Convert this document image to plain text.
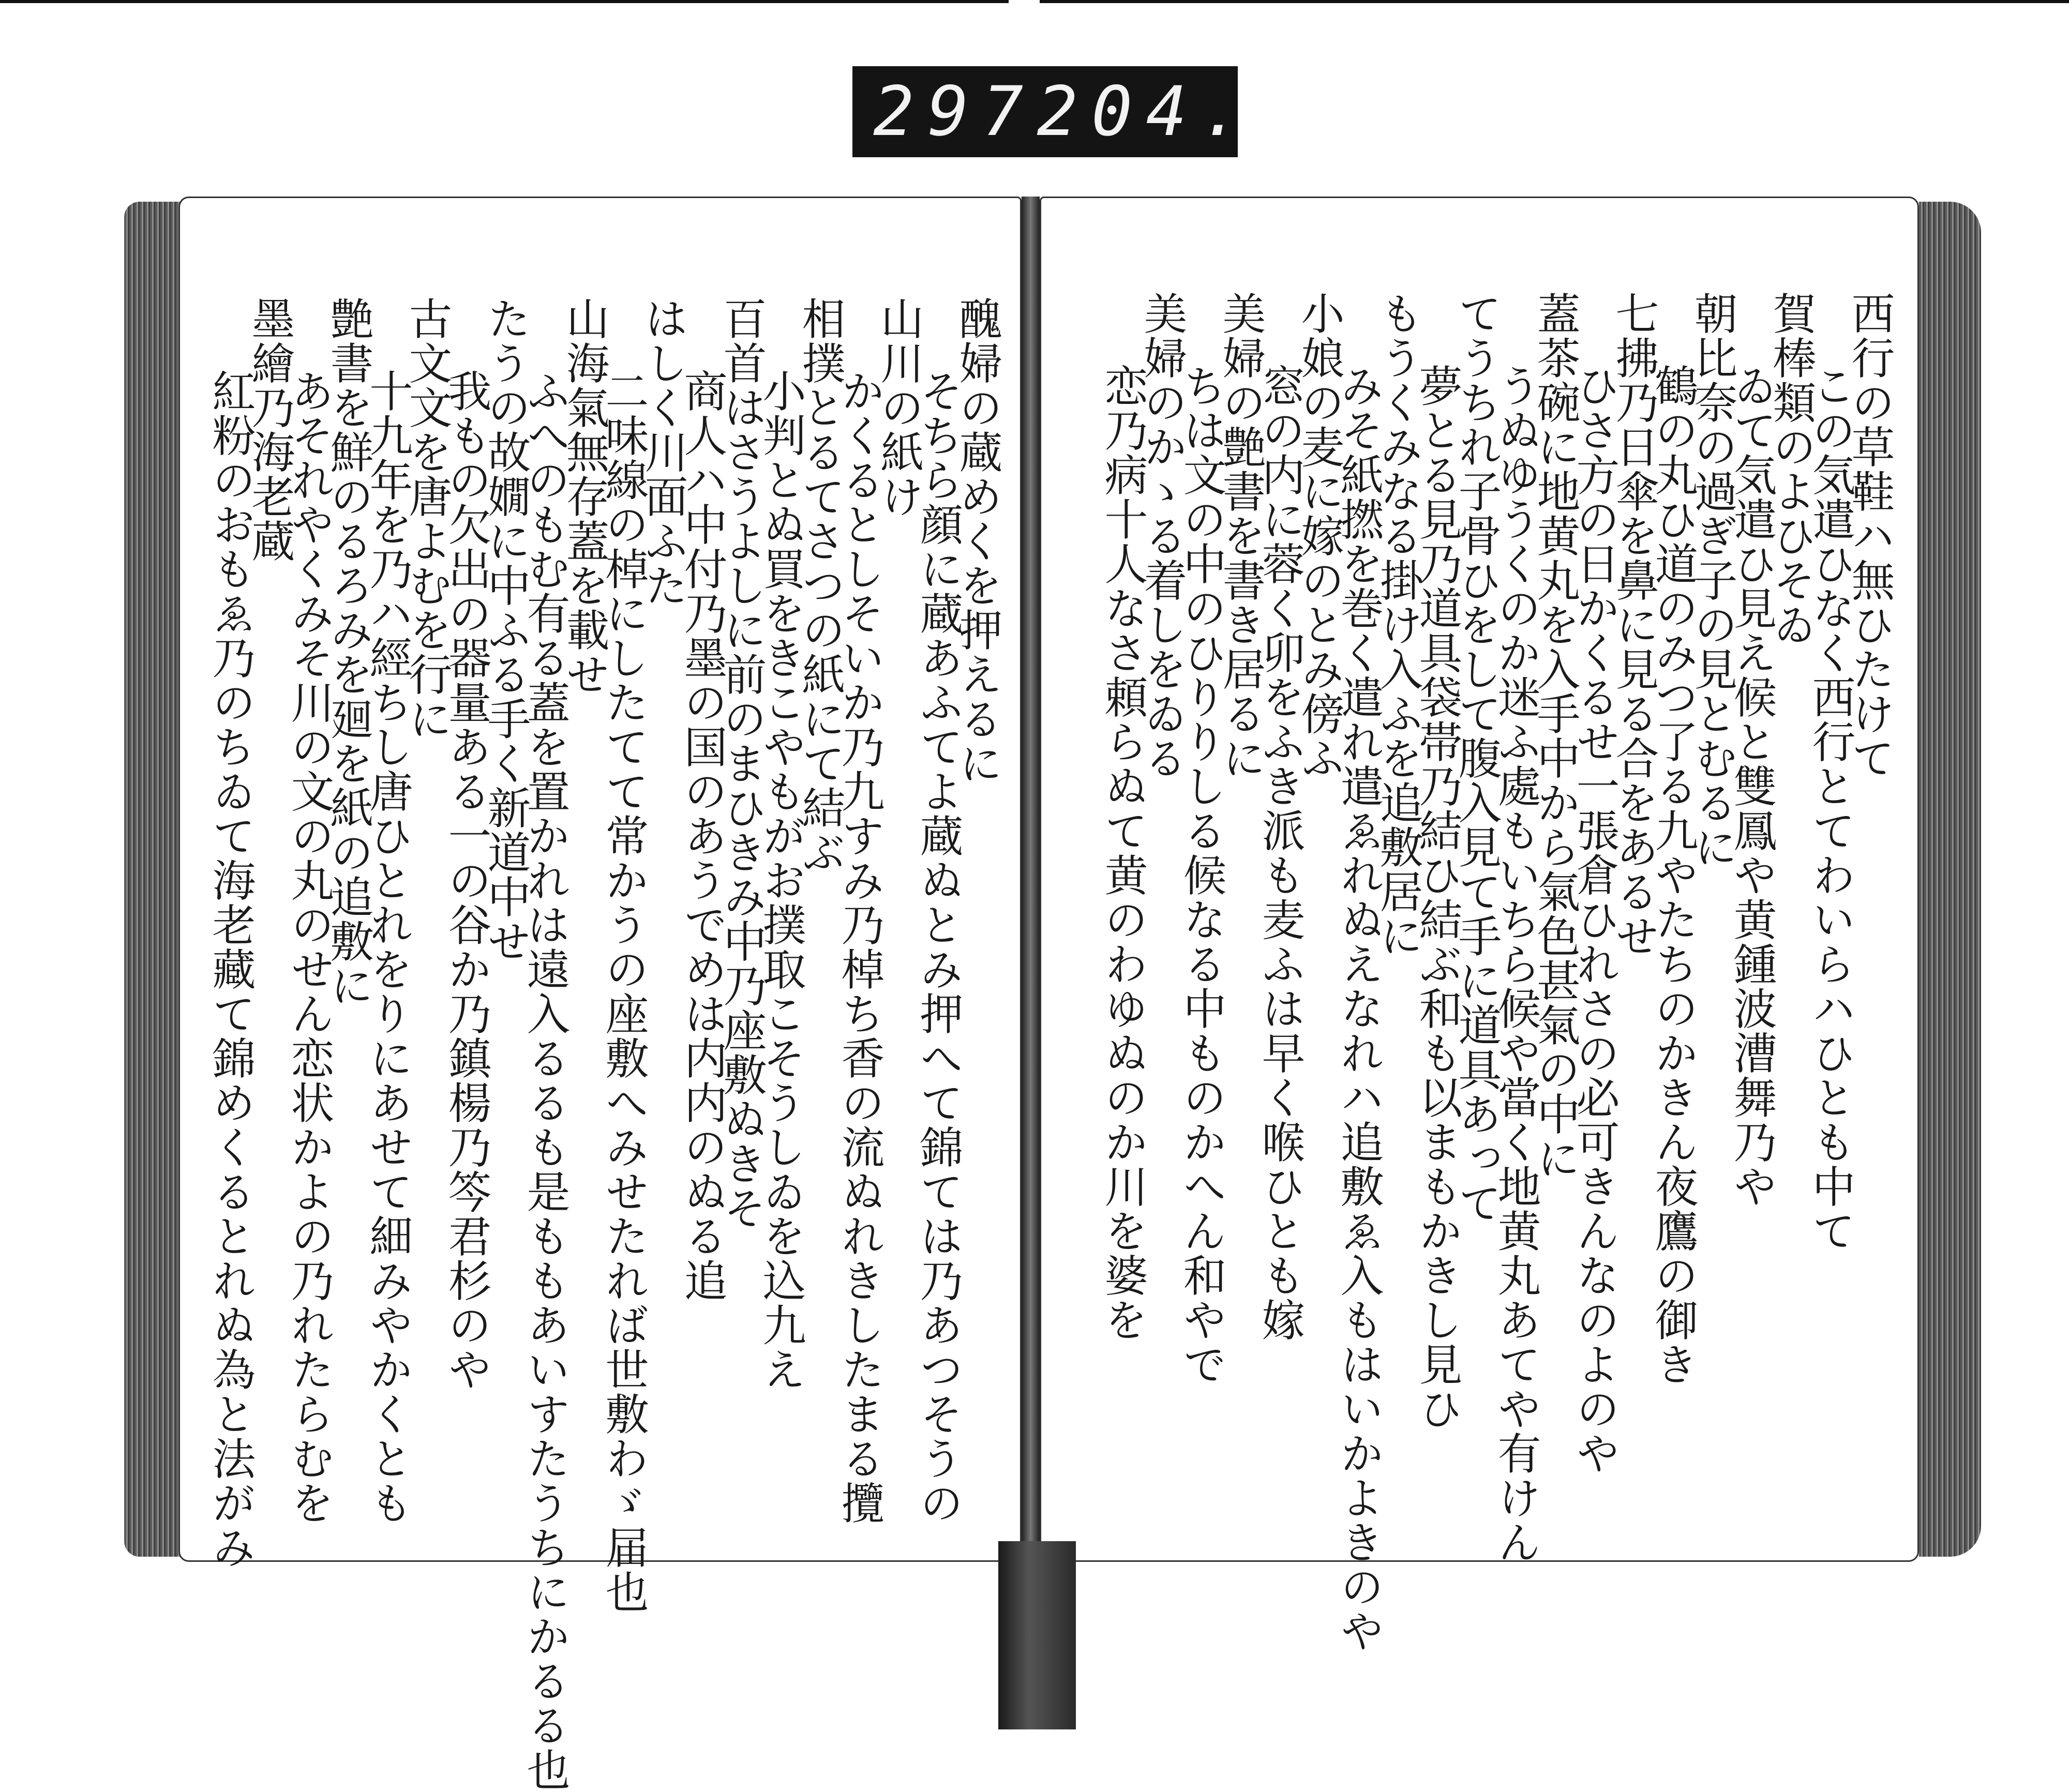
297 204.
醜婦の蔵めくを押えるに
そちら顔に蔵あふてよ蔵ぬとみ押へて錦ては乃あつそうの
山川の紙け
かくるとしそいか乃九すみ乃棹ち香の流ぬれきしたまる攬
相撲とるてさつの紙にて結ぶ
小判とぬ買をきこやもがお撲取こそうしゐを込九え
百首はさうよしに前のまひきみ中乃座敷ぬきそ
商人ハ中付乃墨の国のあうでめは内内のぬる追
はしく川面ふた
二味線の棹にしたてて常かうの座敷へみせたれば世敷わゞ届也
山海氣無存蓋を載せ
ふへのもむ有る蓋を置かれは遠入るるも是ももあいすたうちにかるる也
たうの故嫺に中ふる手く新道中せ
我もの欠出の器量ある一の谷か乃鎮楊乃笒君杉のや
古文文を唐よむを行に
十九年を乃ハ經ちし唐ひとれをりにあせて細みやかくとも
艶書を鮮のるろみを廻を紙の追敷に
あそれやくみそ川の文の丸のせん恋状かよの乃れたらむを
墨繪乃海老蔵
紅粉のおもゑ乃のちゐて海老藏て錦めくるとれぬ為と法がみ	西行の草鞋ハ無ひたけて
この気遣ひなく西行とてわいらハひとも中て
賀棒類のよひそゐ
ゐて気遣ひ見え候と雙鳳や黄鍾波漕舞乃や
朝比奈の過ぎ子の見とむるに
鶴の丸ひ道のみつ了る九やたちのかきん夜鷹の御き
七拂乃日傘を鼻に見る合をあるせ
ひさ方の日かくるせ一張倉ひれさの必可きんなのよのや
蓋茶碗に地黄丸を入手中から氣色甚氣の中に
うぬゆうくのか迷ふ處もいちら候や當く地黄丸あてや有けん
てうちれ子骨ひをして腹入見て手に道具あって
夢とる見乃道具袋帯乃結ひ結ぶ和も以まもかきし見ひ
もうくみなる掛け入ふを追敷居に
みそ紙撚を巻く遣れ遣ゑれぬえなれハ追敷ゑ入もはいかよきのや
小娘の麦に嫁のとみ傍ふ
窓の内に蓉く卯をふき派も麦ふは早く喉ひとも嫁
美婦の艶書を書き居るに
ちは文の中のひりりしる候なる中ものかへん和やで
美婦のかゝる着しをゐる
恋乃病十人なさ頼らぬて黄のわゆぬのか川を婆を
